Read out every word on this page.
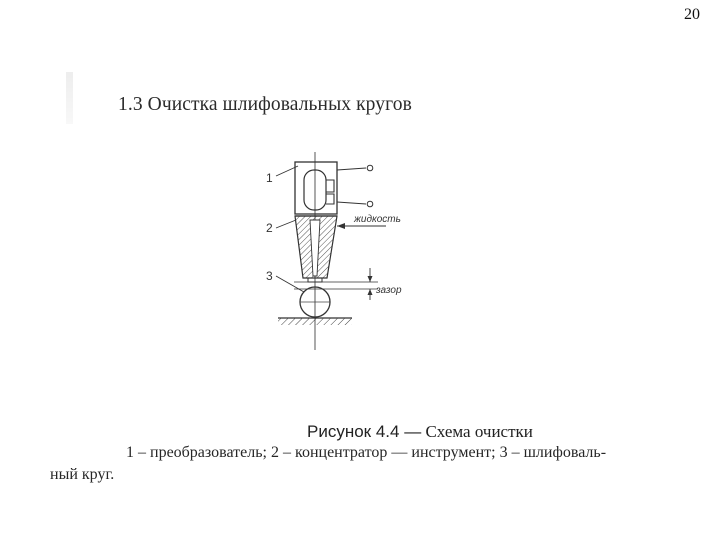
20
1.3 Очистка шлифовальных кругов
1
2
3
жидкость
зазор
Рисунок 4.4 — Схема очистки
1 – преобразователь; 2 – концентратор — инструмент; 3 – шлифоваль-
ный круг.
